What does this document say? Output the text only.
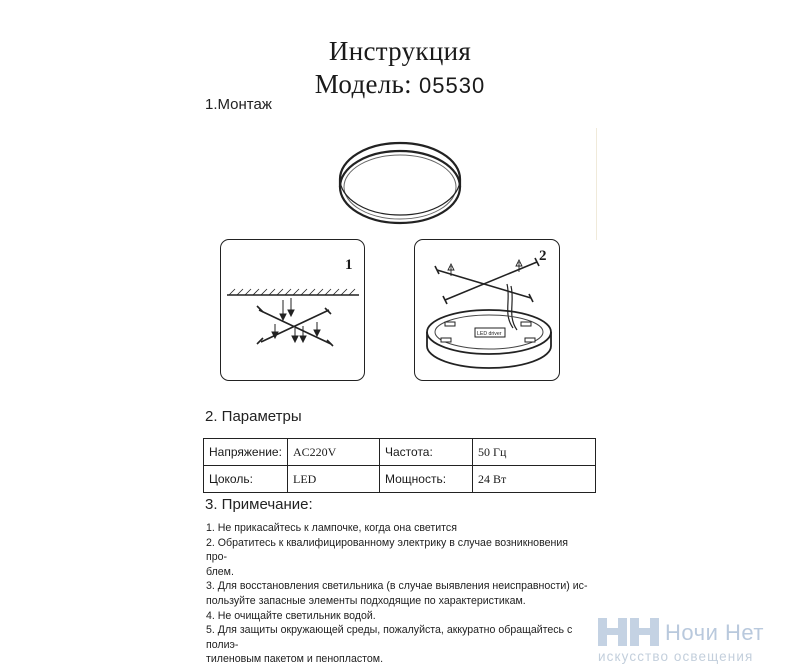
Инструкция
Модель: 05530
1.Монтаж
1
LED driver
2
2. Параметры
Напряжение:	AC220V	Частота:	50 Гц
Цоколь:	LED	Мощность:	24 Вт
3. Примечание:

1. Не прикасайтесь к лампочке, когда она светится

2. Обратитесь к квалифицированному электрику в случае возникновения про-

блем.

3. Для восстановления светильника (в случае выявления неисправности) ис-

пользуйте запасные элементы подходящие по характеристикам.

4. Не очищайте светильник водой.

5. Для защиты окружающей среды, пожалуйста, аккуратно обращайтесь с полиэ-

тиленовым пакетом и пенопластом.

Ночи Нет
искусство освещения
